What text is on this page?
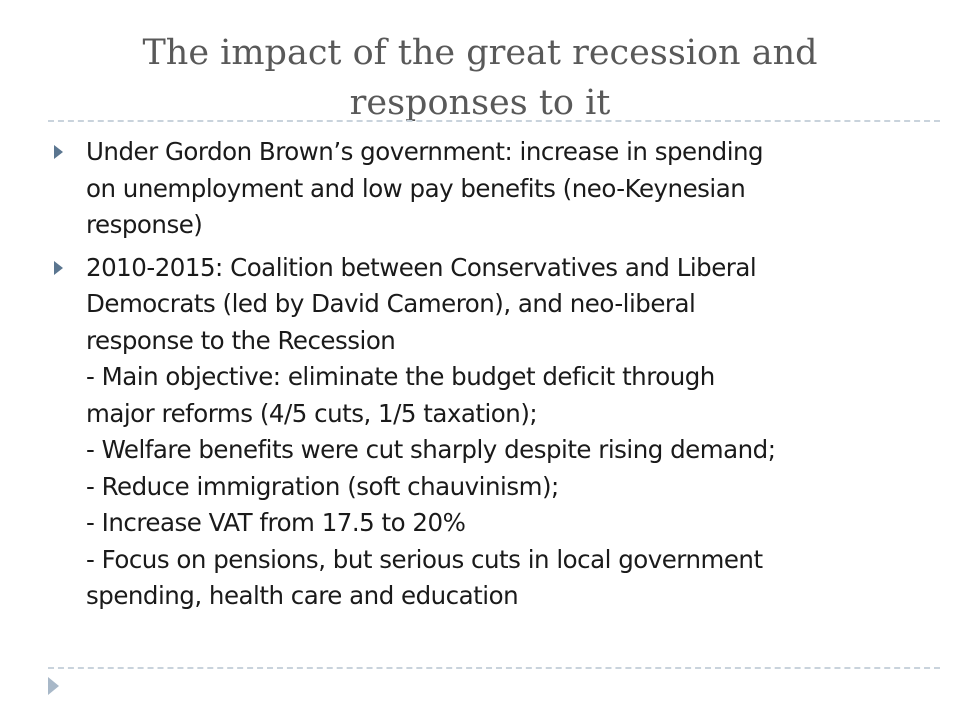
The impact of the great recession and
responses to it
Under Gordon Brown’s government: increase in spending
on unemployment and low pay benefits (neo-Keynesian
response)
2010-2015: Coalition between Conservatives and Liberal
Democrats (led by David Cameron), and neo-liberal
response to the Recession
- Main objective: eliminate the budget deficit through
major reforms (4/5 cuts, 1/5 taxation);
- Welfare benefits were cut sharply despite rising demand;
- Reduce immigration (soft chauvinism);
- Increase VAT from 17.5 to 20%
- Focus on pensions, but serious cuts in local government
spending, health care and education
